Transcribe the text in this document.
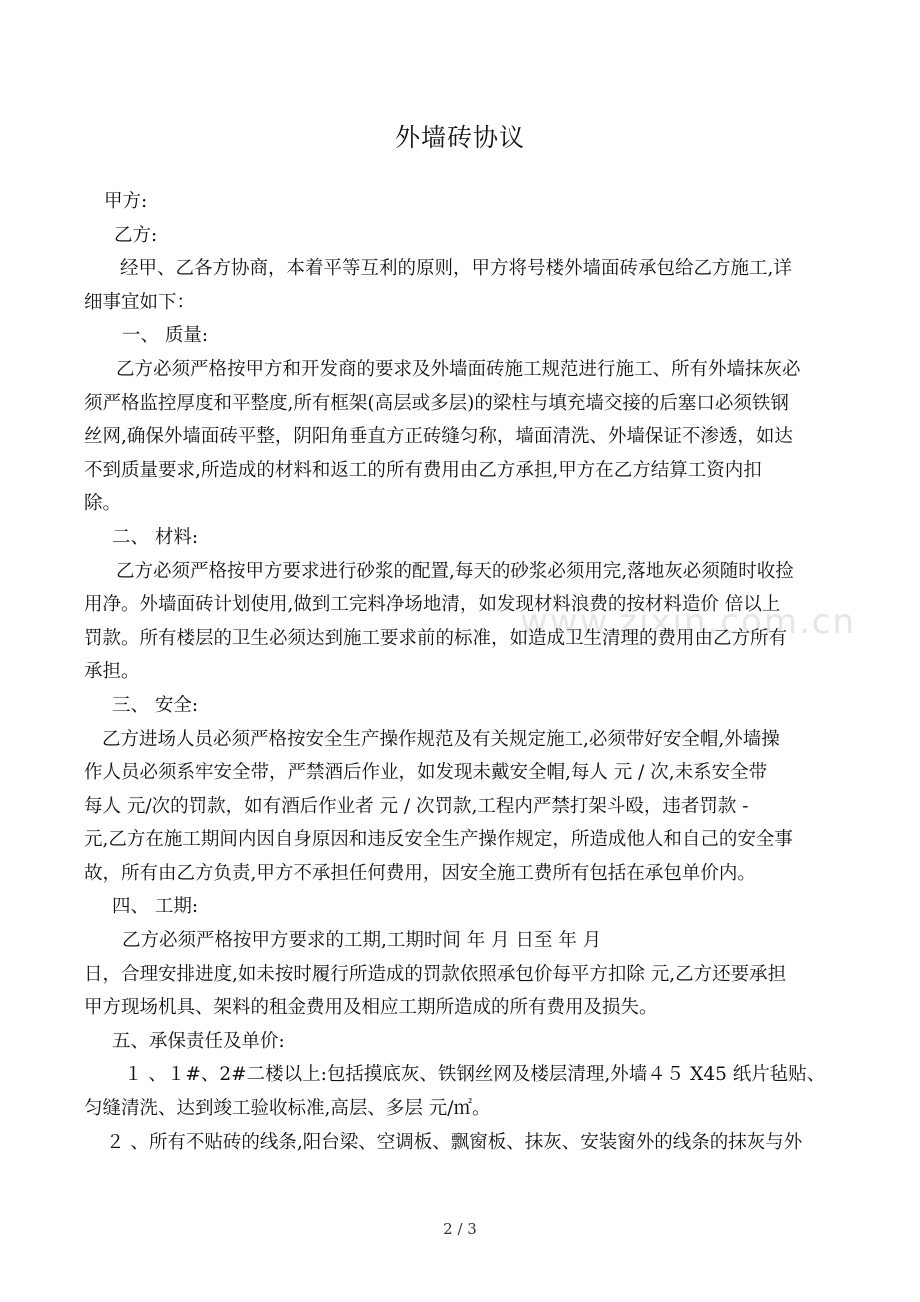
www.zixin.com.cn
外墙砖协议

甲方:

乙方:

经甲、乙各方协商，本着平等互利的原则，甲方将号楼外墙面砖承包给乙方施工,详

细事宜如下：

一、 质量:

乙方必须严格按甲方和开发商的要求及外墙面砖施工规范进行施工、所有外墙抹灰必

须严格监控厚度和平整度,所有框架(高层或多层)的梁柱与填充墙交接的后塞口必须铁钢

丝网,确保外墙面砖平整，阴阳角垂直方正砖缝匀称，墙面清洗、外墙保证不渗透，如达

不到质量要求,所造成的材料和返工的所有费用由乙方承担,甲方在乙方结算工资内扣

除。

二、 材料:

乙方必须严格按甲方要求进行砂浆的配置,每天的砂浆必须用完,落地灰必须随时收捡

用净。外墙面砖计划使用,做到工完料净场地清，如发现材料浪费的按材料造价 倍以上

罚款。所有楼层的卫生必须达到施工要求前的标准，如造成卫生清理的费用由乙方所有

承担。

三、 安全:

乙方进场人员必须严格按安全生产操作规范及有关规定施工,必须带好安全帽,外墙操

作人员必须系牢安全带，严禁酒后作业，如发现未戴安全帽,每人 元 / 次,未系安全带

每人 元/次的罚款，如有酒后作业者 元 / 次罚款,工程内严禁打架斗殴，违者罚款 -

元,乙方在施工期间内因自身原因和违反安全生产操作规定，所造成他人和自己的安全事

故，所有由乙方负责,甲方不承担任何费用，因安全施工费所有包括在承包单价内。

四、 工期:

乙方必须严格按甲方要求的工期,工期时间 年 月 日至 年 月

日，合理安排进度,如未按时履行所造成的罚款依照承包价每平方扣除 元,乙方还要承担

甲方现场机具、架料的租金费用及相应工期所造成的所有费用及损失。

五、承保责任及单价:

１ 、１#、2#二楼以上:包括摸底灰、铁钢丝网及楼层清理,外墙４５ X45 纸片毡贴、

匀缝清洗、达到竣工验收标准,高层、多层 元/㎡。

２ 、所有不贴砖的线条,阳台梁、空调板、飘窗板、抹灰、安装窗外的线条的抹灰与外

2 / 3
